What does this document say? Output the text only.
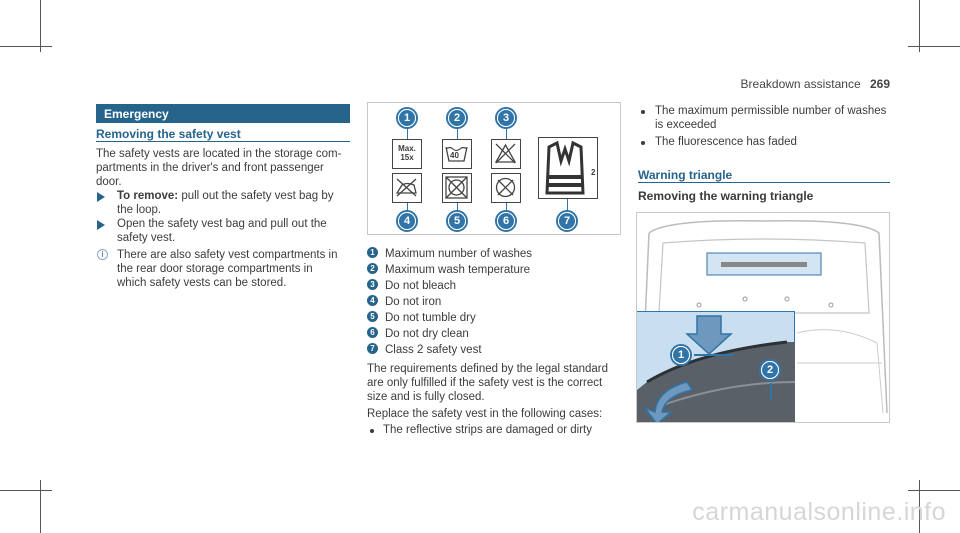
Breakdown assistance 269
Emergency
Removing the safety vest
The safety vests are located in the storage com-
partments in the driver's and front passenger
door.
To remove: pull out the safety vest bag by
the loop.
Open the safety vest bag and pull out the
safety vest.
i	There are also safety vest compartments in
the rear door storage compartments in
which safety vests can be stored.
1	2	3
4	5	6	7
Max.
15x	40
2
1 Maximum number of washes
2 Maximum wash temperature
3 Do not bleach
4 Do not iron
5 Do not tumble dry
6 Do not dry clean
7 Class 2 safety vest
The requirements defined by the legal standard
are only fulfilled if the safety vest is the correct
size and is fully closed.
Replace the safety vest in the following cases:
The reflective strips are damaged or dirty
The maximum permissible number of washes
is exceeded
The fluorescence has faded
Warning triangle
Removing the warning triangle
1
2
carmanualsonline.info
